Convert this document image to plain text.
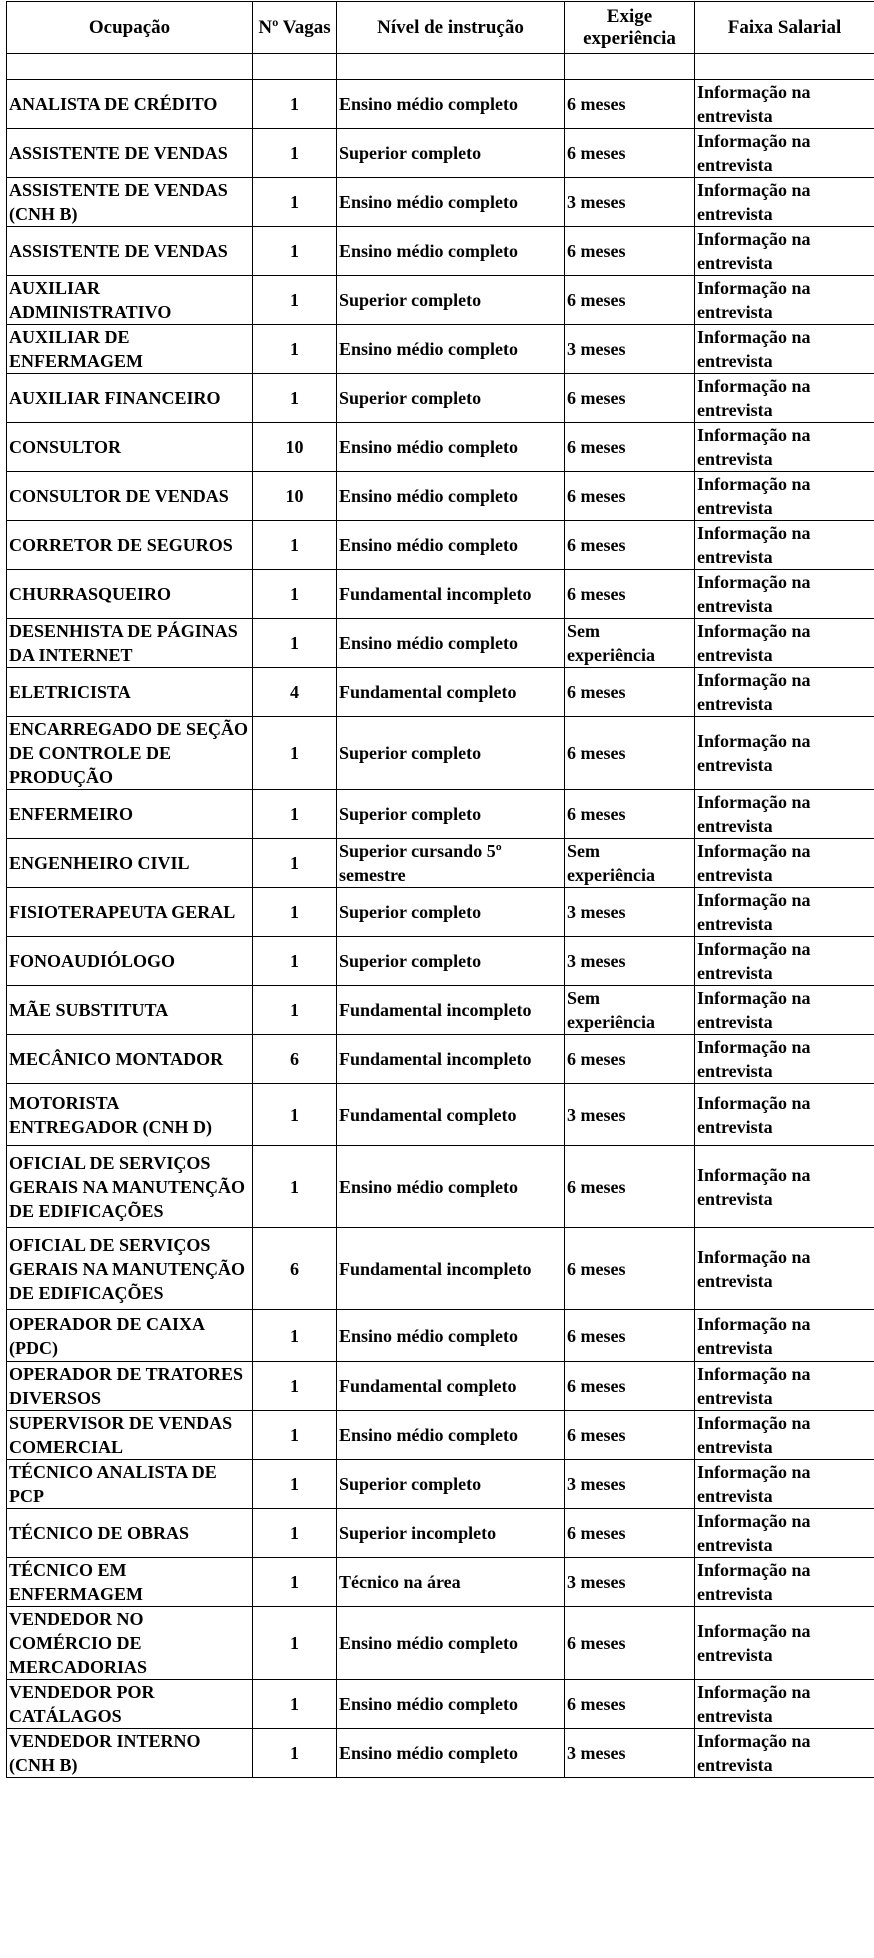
Ocupação	Nº Vagas	Nível de instrução	Exige experiência	Faixa Salarial

ANALISTA DE CRÉDITO	1	Ensino médio completo	6 meses	Informação na entrevista
ASSISTENTE DE VENDAS	1	Superior completo	6 meses	Informação na entrevista
ASSISTENTE DE VENDAS (CNH B)	1	Ensino médio completo	3 meses	Informação na entrevista
ASSISTENTE DE VENDAS	1	Ensino médio completo	6 meses	Informação na entrevista
AUXILIAR ADMINISTRATIVO	1	Superior completo	6 meses	Informação na entrevista
AUXILIAR DE ENFERMAGEM	1	Ensino médio completo	3 meses	Informação na entrevista
AUXILIAR FINANCEIRO	1	Superior completo	6 meses	Informação na entrevista
CONSULTOR	10	Ensino médio completo	6 meses	Informação na entrevista
CONSULTOR DE VENDAS	10	Ensino médio completo	6 meses	Informação na entrevista
CORRETOR DE SEGUROS	1	Ensino médio completo	6 meses	Informação na entrevista
CHURRASQUEIRO	1	Fundamental incompleto	6 meses	Informação na entrevista
DESENHISTA DE PÁGINAS DA INTERNET	1	Ensino médio completo	Sem experiência	Informação na entrevista
ELETRICISTA	4	Fundamental completo	6 meses	Informação na entrevista
ENCARREGADO DE SEÇÃO DE CONTROLE DE PRODUÇÃO	1	Superior completo	6 meses	Informação na entrevista
ENFERMEIRO	1	Superior completo	6 meses	Informação na entrevista
ENGENHEIRO CIVIL	1	Superior cursando 5º semestre	Sem experiência	Informação na entrevista
FISIOTERAPEUTA GERAL	1	Superior completo	3 meses	Informação na entrevista
FONOAUDIÓLOGO	1	Superior completo	3 meses	Informação na entrevista
MÃE SUBSTITUTA	1	Fundamental incompleto	Sem experiência	Informação na entrevista
MECÂNICO MONTADOR	6	Fundamental incompleto	6 meses	Informação na entrevista
MOTORISTA ENTREGADOR (CNH D)	1	Fundamental completo	3 meses	Informação na entrevista
OFICIAL DE SERVIÇOS GERAIS NA MANUTENÇÃO DE EDIFICAÇÕES	1	Ensino médio completo	6 meses	Informação na entrevista
OFICIAL DE SERVIÇOS GERAIS NA MANUTENÇÃO DE EDIFICAÇÕES	6	Fundamental incompleto	6 meses	Informação na entrevista
OPERADOR DE CAIXA (PDC)	1	Ensino médio completo	6 meses	Informação na entrevista
OPERADOR DE TRATORES DIVERSOS	1	Fundamental completo	6 meses	Informação na entrevista
SUPERVISOR DE VENDAS COMERCIAL	1	Ensino médio completo	6 meses	Informação na entrevista
TÉCNICO ANALISTA DE PCP	1	Superior completo	3 meses	Informação na entrevista
TÉCNICO DE OBRAS	1	Superior incompleto	6 meses	Informação na entrevista
TÉCNICO EM ENFERMAGEM	1	Técnico na área	3 meses	Informação na entrevista
VENDEDOR NO COMÉRCIO DE MERCADORIAS	1	Ensino médio completo	6 meses	Informação na entrevista
VENDEDOR POR CATÁLAGOS	1	Ensino médio completo	6 meses	Informação na entrevista
VENDEDOR INTERNO (CNH B)	1	Ensino médio completo	3 meses	Informação na entrevista
